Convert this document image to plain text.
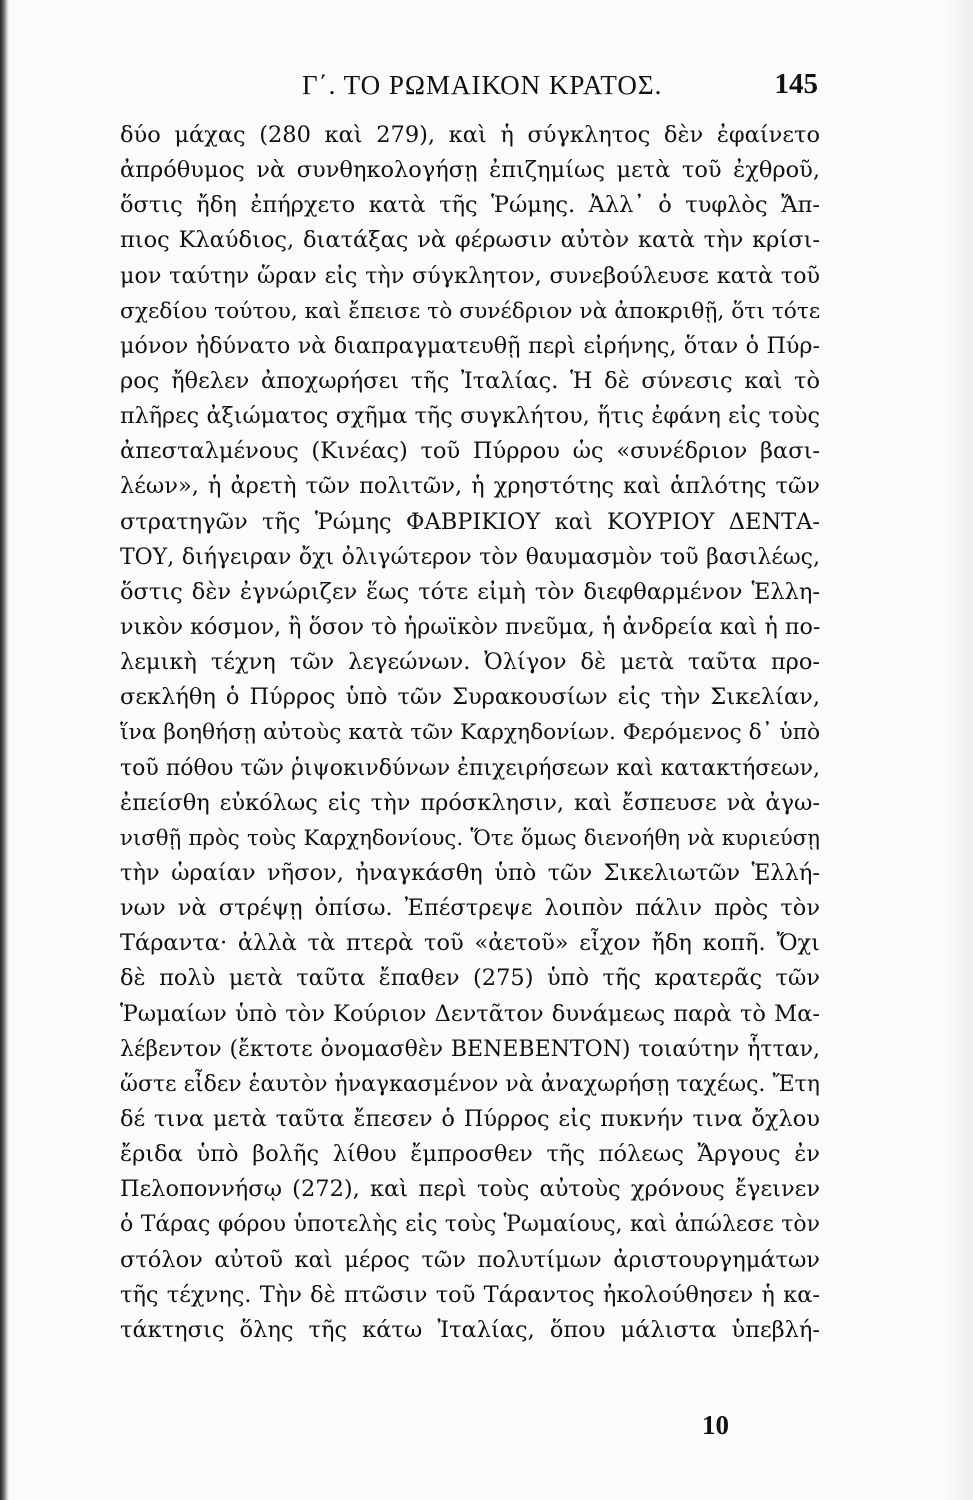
Γ΄. ΤΟ ΡΩΜΑΙΚΟΝ ΚΡΑΤΟΣ.	145
δύο μάχας (280 καὶ 279), καὶ ἡ σύγκλητος δὲν ἐφαίνετο
ἀπρόθυμος νὰ συνθηκολογήσῃ ἐπιζημίως μετὰ τοῦ ἐχθροῦ,
ὅστις ἤδη ἐπήρχετο κατὰ τῆς Ῥώμης. Ἀλλ᾽ ὁ τυφλὸς Ἄπ-
πιος Κλαύδιος, διατάξας νὰ φέρωσιν αὐτὸν κατὰ τὴν κρίσι-
μον ταύτην ὥραν εἰς τὴν σύγκλητον, συνεβούλευσε κατὰ τοῦ
σχεδίου τούτου, καὶ ἔπεισε τὸ συνέδριον νὰ ἀποκριθῇ, ὅτι τότε
μόνον ἠδύνατο νὰ διαπραγματευθῇ περὶ εἰρήνης, ὅταν ὁ Πύρ-
ρος ἤθελεν ἀποχωρήσει τῆς Ἰταλίας. Ἡ δὲ σύνεσις καὶ τὸ
πλῆρες ἀξιώματος σχῆμα τῆς συγκλήτου, ἥτις ἐφάνη εἰς τοὺς
ἀπεσταλμένους (Κινέας) τοῦ Πύρρου ὡς «συνέδριον βασι-
λέων», ἡ ἀρετὴ τῶν πολιτῶν, ἡ χρηστότης καὶ ἁπλότης τῶν
στρατηγῶν τῆς Ῥώμης ΦΑΒΡΙΚΙΟΥ καὶ ΚΟΥΡΙΟΥ ΔΕΝΤΑ-
ΤΟΥ, διήγειραν ὄχι ὀλιγώτερον τὸν θαυμασμὸν τοῦ βασιλέως,
ὅστις δὲν ἐγνώριζεν ἕως τότε εἰμὴ τὸν διεφθαρμένον Ἑλλη-
νικὸν κόσμον, ἢ ὅσον τὸ ἡρωϊκὸν πνεῦμα, ἡ ἀνδρεία καὶ ἡ πο-
λεμικὴ τέχνη τῶν λεγεώνων. Ὀλίγον δὲ μετὰ ταῦτα προ-
σεκλήθη ὁ Πύρρος ὑπὸ τῶν Συρακουσίων εἰς τὴν Σικελίαν,
ἵνα βοηθήσῃ αὐτοὺς κατὰ τῶν Καρχηδονίων. Φερόμενος δ᾽ ὑπὸ
τοῦ πόθου τῶν ῥιψοκινδύνων ἐπιχειρήσεων καὶ κατακτήσεων,
ἐπείσθη εὐκόλως εἰς τὴν πρόσκλησιν, καὶ ἔσπευσε νὰ ἀγω-
νισθῇ πρὸς τοὺς Καρχηδονίους. Ὅτε ὅμως διενοήθη νὰ κυριεύσῃ
τὴν ὡραίαν νῆσον, ἠναγκάσθη ὑπὸ τῶν Σικελιωτῶν Ἑλλή-
νων νὰ στρέψῃ ὀπίσω. Ἐπέστρεψε λοιπὸν πάλιν πρὸς τὸν
Τάραντα· ἀλλὰ τὰ πτερὰ τοῦ «ἀετοῦ» εἶχον ἤδη κοπῆ. Ὄχι
δὲ πολὺ μετὰ ταῦτα ἔπαθεν (275) ὑπὸ τῆς κρατερᾶς τῶν
Ῥωμαίων ὑπὸ τὸν Κούριον Δεντᾶτον δυνάμεως παρὰ τὸ Μα-
λέβεντον (ἔκτοτε ὀνομασθὲν ΒΕΝΕΒΕΝΤΟΝ) τοιαύτην ἧτταν,
ὥστε εἶδεν ἑαυτὸν ἠναγκασμένον νὰ ἀναχωρήσῃ ταχέως. Ἔτη
δέ τινα μετὰ ταῦτα ἔπεσεν ὁ Πύρρος εἰς πυκνήν τινα ὄχλου
ἔριδα ὑπὸ βολῆς λίθου ἔμπροσθεν τῆς πόλεως Ἄργους ἐν
Πελοποννήσῳ (272), καὶ περὶ τοὺς αὐτοὺς χρόνους ἔγεινεν
ὁ Τάρας φόρου ὑποτελὴς εἰς τοὺς Ῥωμαίους, καὶ ἀπώλεσε τὸν
στόλον αὐτοῦ καὶ μέρος τῶν πολυτίμων ἀριστουργημάτων
τῆς τέχνης. Τὴν δὲ πτῶσιν τοῦ Τάραντος ἠκολούθησεν ἡ κα-
τάκτησις ὅλης τῆς κάτω Ἰταλίας, ὅπου μάλιστα ὑπεβλή-
10
